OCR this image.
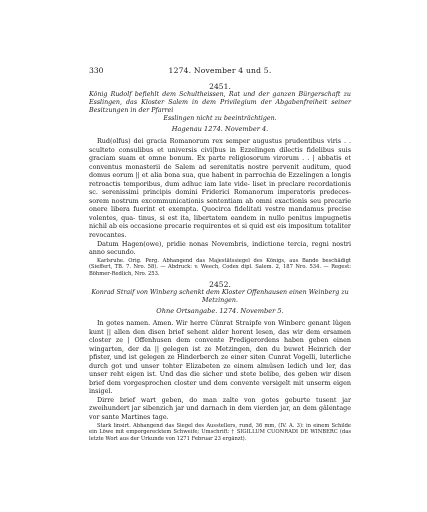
330	1274. November 4 und 5.
2451.
König Rudolf befiehlt dem Schultheissen, Rat und der ganzen Bürgerschaft zu Esslingen, das Kloster Salem in dem Privilegium der Abgabenfreiheit seiner Besitzungen in der Pfarrei
Esslingen nicht zu beeinträchtigen.
Hagenau 1274. November 4.

Rud(olfus) dei gracia Romanorum rex semper augustus prudentibus viris . . sculteto consulibus et universis civi|bus in Ezzelingen dilectis fidelibus suis graciam suam et omne bonum. Ex parte religiosorum virorum . . | abbatis et conventus monasterii de Salem ad serenitatis nostre pervenit auditum, quod domus eorum || et alia bona sua, que habent in parrochia de Ezzelingen a longis retroactis temporibus, dum adhuc iam late vide- liset in preclare recordationis sc. serenissimi principis domini Friderici Romanorum imperatoris predeces- sorem nostrum excommunicationis sententiam ab omni exactionis seu precarie onere libera fuerint et exempta. Quocirca fidelitati vestre mandamus precise volentes, qua- tinus, si est ita, libertatem eandem in nullo penitus impugnetis nichil ab eis occasione precarie requirentes et si quid est eis impositum totaliter revocantes.

Datum Hagen(owe), pridie nonas Novembris, indictione tercia, regni nostri anno secundo.

Karlsruhe. Orig. Perg. Abhangend das Majestätssiegel des Königs, aus Bande beschädigt (Sieffert, TB. 7. Nro. 58). — Abdruck: v. Weech, Codex dipl. Salem. 2, 187 Nro. 534. — Regest: Böhmer-Redlich, Nro. 253.

2452.
Konrad Straif von Winberg schenkt dem Kloster Offenhausen einen Weinberg zu Metzingen.
Ohne Ortsangabe. 1274. November 5.

In gotes namen. Amen. Wir herre Cûnrat Straipfe von Winberc genant lûgen kunt || allen den disen brief sehent alder horent lesen, das wir dem ersamen closter ze | Offenhusen dem convente Predigerordens haben geben einen wingarten, der da || gelegen ist ze Metzingen, den du buwet Heinrich der pfister, und ist gelegen ze Hinderberch ze einer siten Cunrat Vogelli, luterliche durch got und unser tohter Elizabeten ze einem almûsen ledich und ler, das unser reht eigen ist. Und das die sicher und stete belibe, des geben wir disen brief dem vorgesprochen closter und dem convente versigelt mit unserm eigen insigel.

Dirre brief wart geben, do man zalte von gotes geburte tusent jar zweihundert jar sibenzich jar und darnach in dem vierden jar, an dem gâlentage vor sante Martines tage.

Stark linsirt. Abhangend das Siegel des Ausstellers, rund, 36 mm, (IV. A. 3): in einem Schilde ein Löwe mit emporgerecktem Schweife; Umschrift: † SIGILLUM CUONRADI DE WINBERC (das letzte Wort aus der Urkunde von 1271 Februar 23 ergänzt).
